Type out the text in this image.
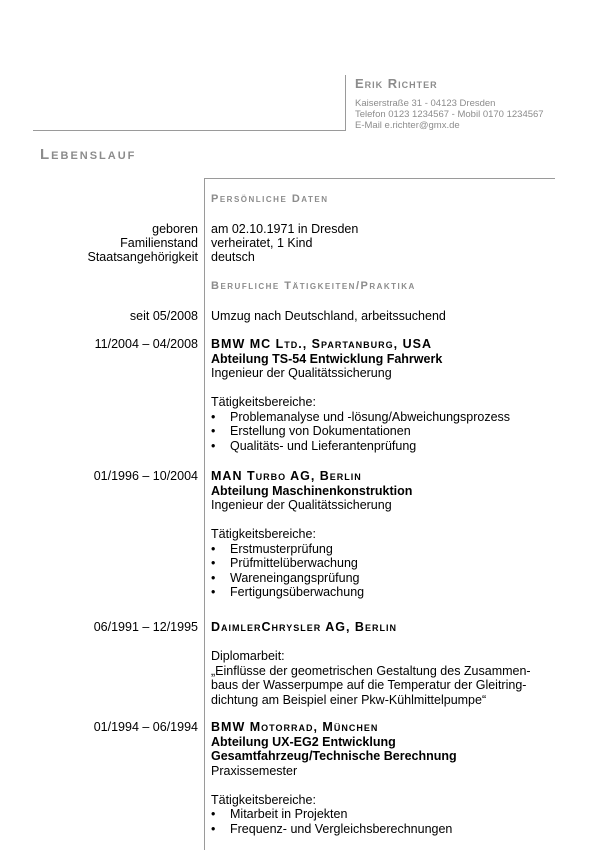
Erik Richter
Kaiserstraße 31 - 04123 Dresden
Telefon 0123 1234567 - Mobil 0170 1234567
E-Mail e.richter@gmx.de
Lebenslauf
Persönliche Daten
geboren am 02.10.1971 in Dresden
Familienstand verheiratet, 1 Kind
Staatsangehörigkeit deutsch
Berufliche Tätigkeiten/Praktika
seit 05/2008 Umzug nach Deutschland, arbeitssuchend
11/2004 – 04/2008 BMW MC Ltd., Spartanburg, USA
Abteilung TS-54 Entwicklung Fahrwerk
Ingenieur der Qualitätssicherung
Tätigkeitsbereiche:
• Problemanalyse und -lösung/Abweichungsprozess
• Erstellung von Dokumentationen
• Qualitäts- und Lieferantenprüfung
01/1996 – 10/2004 MAN Turbo AG, Berlin
Abteilung Maschinenkonstruktion
Ingenieur der Qualitätssicherung
Tätigkeitsbereiche:
• Erstmusterprüfung
• Prüfmittelüberwachung
• Wareneingangsprüfung
• Fertigungsüberwachung
06/1991 – 12/1995 DaimlerChrysler AG, Berlin
Diplomarbeit:
„Einflüsse der geometrischen Gestaltung des Zusammen-
baus der Wasserpumpe auf die Temperatur der Gleitring-
dichtung am Beispiel einer Pkw-Kühlmittelpumpe“
01/1994 – 06/1994 BMW Motorrad, München
Abteilung UX-EG2 Entwicklung
Gesamtfahrzeug/Technische Berechnung
Praxissemester
Tätigkeitsbereiche:
• Mitarbeit in Projekten
• Frequenz- und Vergleichsberechnungen
